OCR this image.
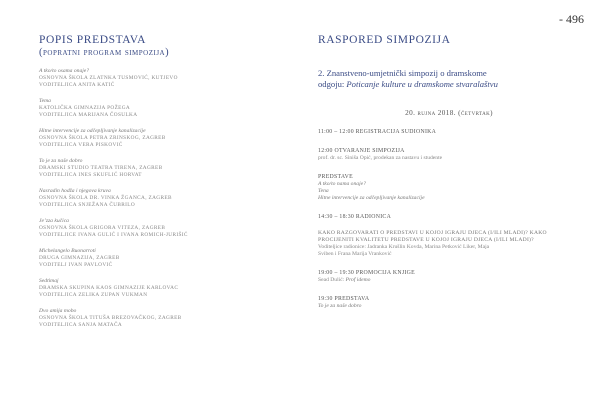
- 496
POPIS PREDSTAVA
(popratni program simpozija)
A tko/to osama onaje?
OSNOVNA ŠKOLA ZLATNKA TUSMOVIĆ, KUTJEVO
VODITELJICA ANITA KATIĆ
Tema
KATOLIČKA GIMNAZIJA POŽEGA
VODITELJICA MARIJANA ČOSULKA
Hitne intervencije za odčepljivanje kanalizacije
OSNOVNA ŠKOLA PETRA ZRINSKOG, ZAGREB
VODITELJICA VERA PISKOVIĆ
To je za naše dobro
DRAMSKI STUDIO TEATRA TIRENA, ZAGREB
VODITELJICA INES SKUFLIĆ HORVAT
Nasradin hodža i njegova kruva
OSNOVNA ŠKOLA DR. VINKA ŽGANCA, ZAGREB
VODITELJICA SNJEŽANA ČUBRILO
Je’zza kučica
OSNOVNA ŠKOLA GRIGORA VITEZA, ZAGREB
VODITELJICE IVANA GULIĆ I IVANA ROMICH-JURIŠIĆ
Michelangelo Buonarroti
DRUGA GIMNAZIJA, ZAGREB
VODITELJ IVAN PAVLOVIĆ
Sedtimaj
DRAMSKA SKUPINA KAOS GIMNAZIJE KARLOVAC
VODITELJICA ZELIKA ZUPAN VUKMAN
Dvo amija mobo
OSNOVNA ŠKOLA TITUŠA BREZOVAČKOG, ZAGREB
VODITELJICA SANJA MATAČA
RASPORED SIMPOZIJA
2. Znanstveno-umjetnički simpozij o dramskome
odgoju: Poticanje kulture u dramskome stvaralaštvu
20. rujna 2018. (četvrtak)
11:00 – 12:00 REGISTRACIJA SUDIONIKA
12:00 OTVARANJE SIMPOZIJA
prof. dr. sc. Siniša Opić, prodekan za nastavu i studente
PREDSTAVE
A tko/to nama onaje?
Tena
Hitne intervencije za odčepljivanje kanalizacije
14:30 – 18:30 RADIONICA
KAKO RAZGOVARATI O PREDSTAVI U KOJOJ IGRAJU DJECA (I/ILI MLADI)? KAKO
PROCIJENITI KVALITETU PREDSTAVE U KOJOJ IGRAJU DJECA (I/ILI MLADI)?
Voditeljice radionice: Jadranka Krušlin Kovda, Marina Petković Liker, Maja
Sviben i Frana Marija Vranković
19:00 – 19:30 PROMOCIJA KNJIGE
Sead Dulić: Prof idemo
19:30 PREDSTAVA
To je za naše dobro
